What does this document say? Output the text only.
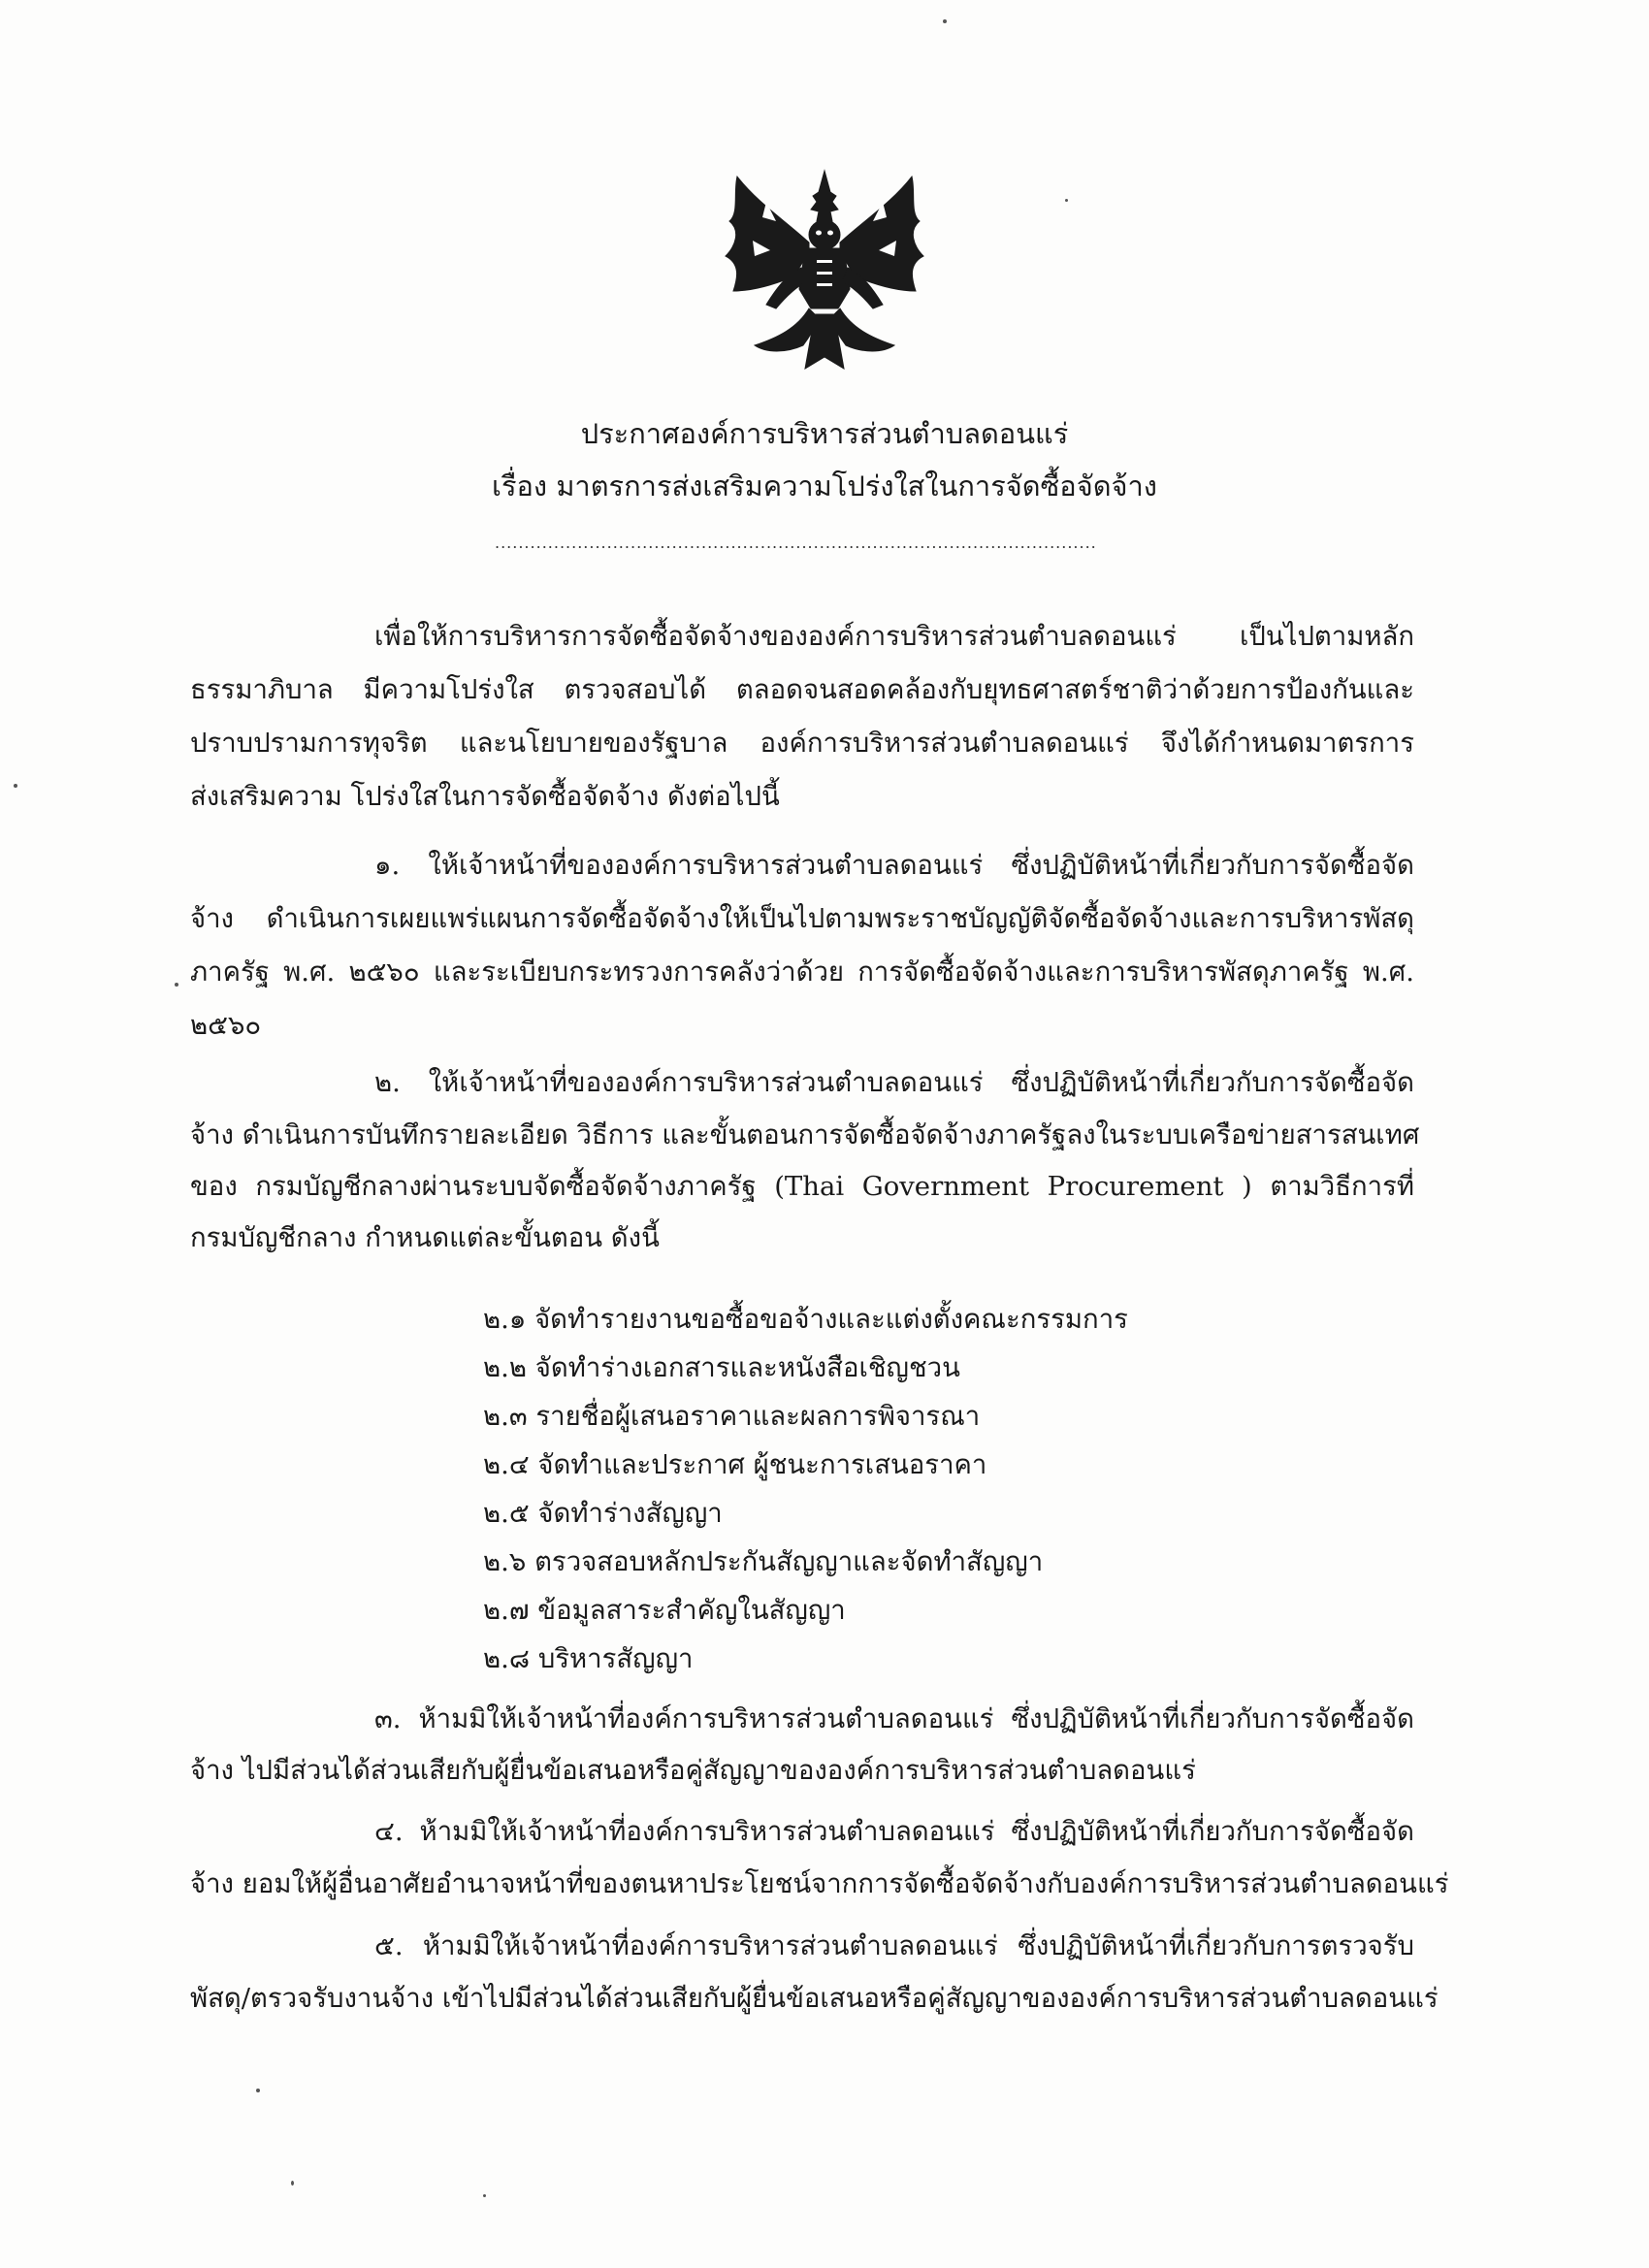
ประกาศองค์การบริหารส่วนตำบลดอนแร่
เรื่อง มาตรการส่งเสริมความโปร่งใสในการจัดซื้อจัดจ้าง
......................................................................................................
เพื่อให้การบริหารการจัดซื้อจัดจ้างขององค์การบริหารส่วนตำบลดอนแร่ เป็นไปตามหลัก
ธรรมาภิบาล มีความโปร่งใส ตรวจสอบได้ ตลอดจนสอดคล้องกับยุทธศาสตร์ชาติว่าด้วยการป้องกันและ
ปราบปรามการทุจริต และนโยบายของรัฐบาล องค์การบริหารส่วนตำบลดอนแร่ จึงได้กำหนดมาตรการ
ส่งเสริมความ โปร่งใสในการจัดซื้อจัดจ้าง ดังต่อไปนี้
๑. ให้เจ้าหน้าที่ขององค์การบริหารส่วนตำบลดอนแร่ ซึ่งปฏิบัติหน้าที่เกี่ยวกับการจัดซื้อจัด
จ้าง ดำเนินการเผยแพร่แผนการจัดซื้อจัดจ้างให้เป็นไปตามพระราชบัญญัติจัดซื้อจัดจ้างและการบริหารพัสดุ
ภาครัฐ พ.ศ. ๒๕๖๐ และระเบียบกระทรวงการคลังว่าด้วย การจัดซื้อจัดจ้างและการบริหารพัสดุภาครัฐ พ.ศ.
๒๕๖๐
๒. ให้เจ้าหน้าที่ขององค์การบริหารส่วนตำบลดอนแร่ ซึ่งปฏิบัติหน้าที่เกี่ยวกับการจัดซื้อจัด
จ้าง ดำเนินการบันทึกรายละเอียด วิธีการ และขั้นตอนการจัดซื้อจัดจ้างภาครัฐลงในระบบเครือข่ายสารสนเทศ
ของ กรมบัญชีกลางผ่านระบบจัดซื้อจัดจ้างภาครัฐ (Thai Government Procurement ) ตามวิธีการที่
กรมบัญชีกลาง กำหนดแต่ละขั้นตอน ดังนี้
๒.๑ จัดทำรายงานขอซื้อขอจ้างและแต่งตั้งคณะกรรมการ
๒.๒ จัดทำร่างเอกสารและหนังสือเชิญชวน
๒.๓ รายชื่อผู้เสนอราคาและผลการพิจารณา
๒.๔ จัดทำและประกาศ ผู้ชนะการเสนอราคา
๒.๕ จัดทำร่างสัญญา
๒.๖ ตรวจสอบหลักประกันสัญญาและจัดทำสัญญา
๒.๗ ข้อมูลสาระสำคัญในสัญญา
๒.๘ บริหารสัญญา
๓. ห้ามมิให้เจ้าหน้าที่องค์การบริหารส่วนตำบลดอนแร่ ซึ่งปฏิบัติหน้าที่เกี่ยวกับการจัดซื้อจัด
จ้าง ไปมีส่วนได้ส่วนเสียกับผู้ยื่นข้อเสนอหรือคู่สัญญาขององค์การบริหารส่วนตำบลดอนแร่
๔. ห้ามมิให้เจ้าหน้าที่องค์การบริหารส่วนตำบลดอนแร่ ซึ่งปฏิบัติหน้าที่เกี่ยวกับการจัดซื้อจัด
จ้าง ยอมให้ผู้อื่นอาศัยอำนาจหน้าที่ของตนหาประโยชน์จากการจัดซื้อจัดจ้างกับองค์การบริหารส่วนตำบลดอนแร่
๕. ห้ามมิให้เจ้าหน้าที่องค์การบริหารส่วนตำบลดอนแร่ ซึ่งปฏิบัติหน้าที่เกี่ยวกับการตรวจรับ
พัสดุ/ตรวจรับงานจ้าง เข้าไปมีส่วนได้ส่วนเสียกับผู้ยื่นข้อเสนอหรือคู่สัญญาขององค์การบริหารส่วนตำบลดอนแร่
